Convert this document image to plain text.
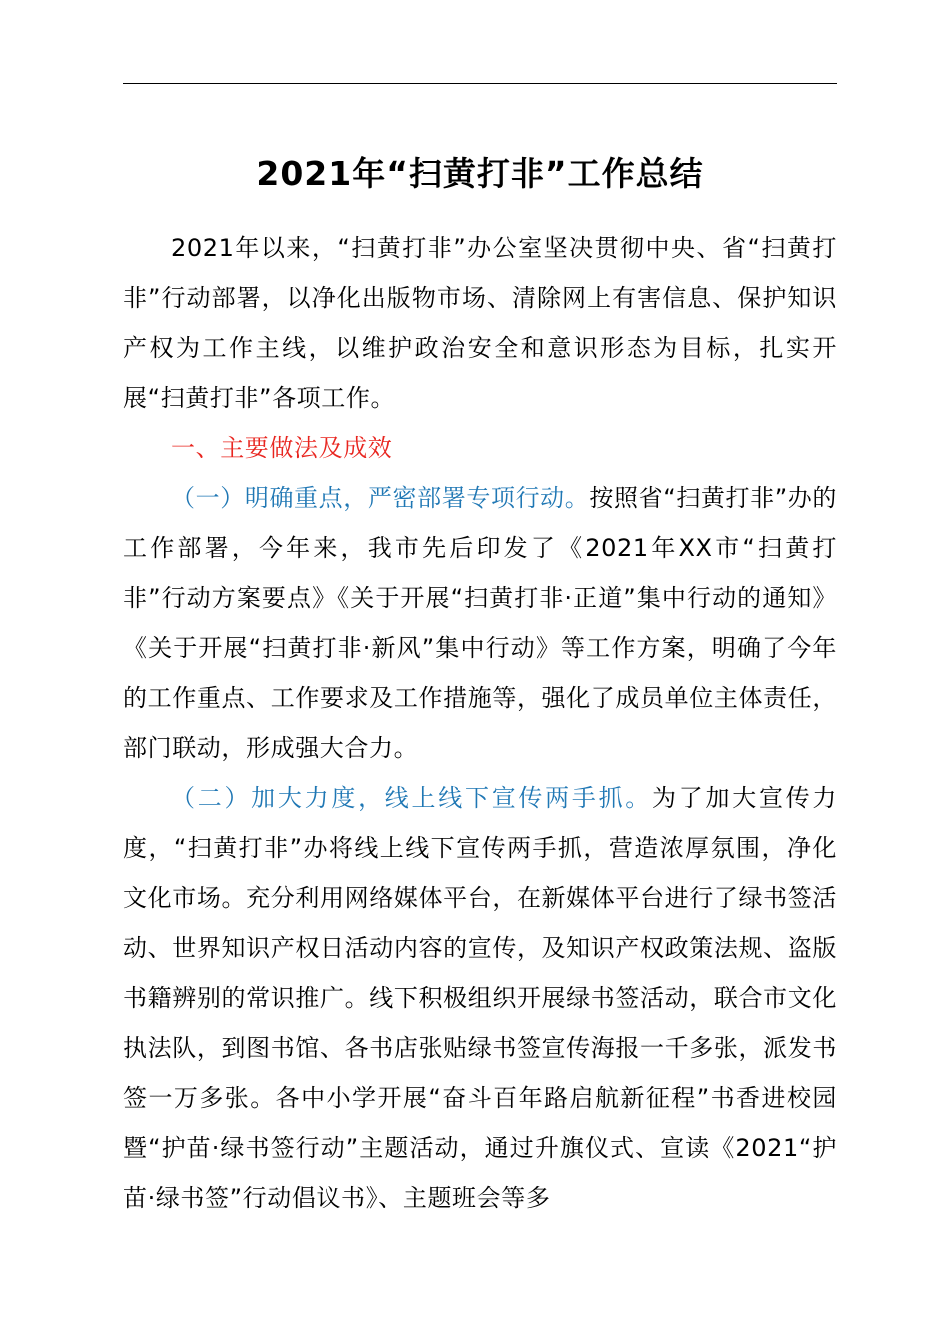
2021年“扫黄打非”工作总结

2021年以来，“扫黄打非”办公室坚决贯彻中央、省“扫黄打非”行动部署，以净化出版物市场、清除网上有害信息、保护知识产权为工作主线，以维护政治安全和意识形态为目标，扎实开展“扫黄打非”各项工作。

一、主要做法及成效

（一）明确重点，严密部署专项行动。按照省“扫黄打非”办的工作部署，今年来，我市先后印发了《2021年XX市“扫黄打非”行动方案要点》《关于开展“扫黄打非·正道”集中行动的通知》《关于开展“扫黄打非·新风”集中行动》等工作方案，明确了今年的工作重点、工作要求及工作措施等，强化了成员单位主体责任，部门联动，形成强大合力。

（二）加大力度，线上线下宣传两手抓。为了加大宣传力度，“扫黄打非”办将线上线下宣传两手抓，营造浓厚氛围，净化文化市场。充分利用网络媒体平台，在新媒体平台进行了绿书签活动、世界知识产权日活动内容的宣传，及知识产权政策法规、盗版书籍辨别的常识推广。线下积极组织开展绿书签活动，联合市文化执法队，到图书馆、各书店张贴绿书签宣传海报一千多张，派发书签一万多张。各中小学开展“奋斗百年路启航新征程”书香进校园暨“护苗·绿书签行动”主题活动，通过升旗仪式、宣读《2021“护苗·绿书签”行动倡议书》、主题班会等多
